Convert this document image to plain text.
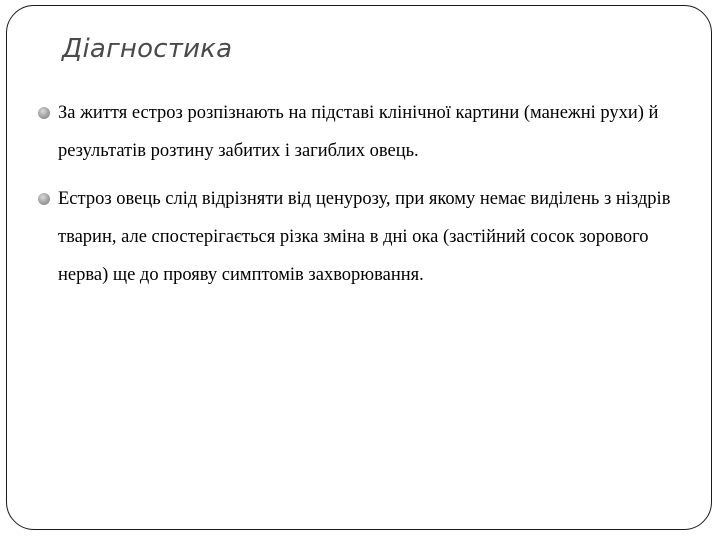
Діагностика
За життя естроз розпізнають на підставі клінічної картини (манежні рухи) й результатів розтину забитих і загиблих овець.
Естроз овець слід відрізняти від ценурозу, при якому немає виділень з ніздрів тварин, але спостерігається різка зміна в дні ока (застійний сосок зорового нерва) ще до прояву симптомів захворювання.
